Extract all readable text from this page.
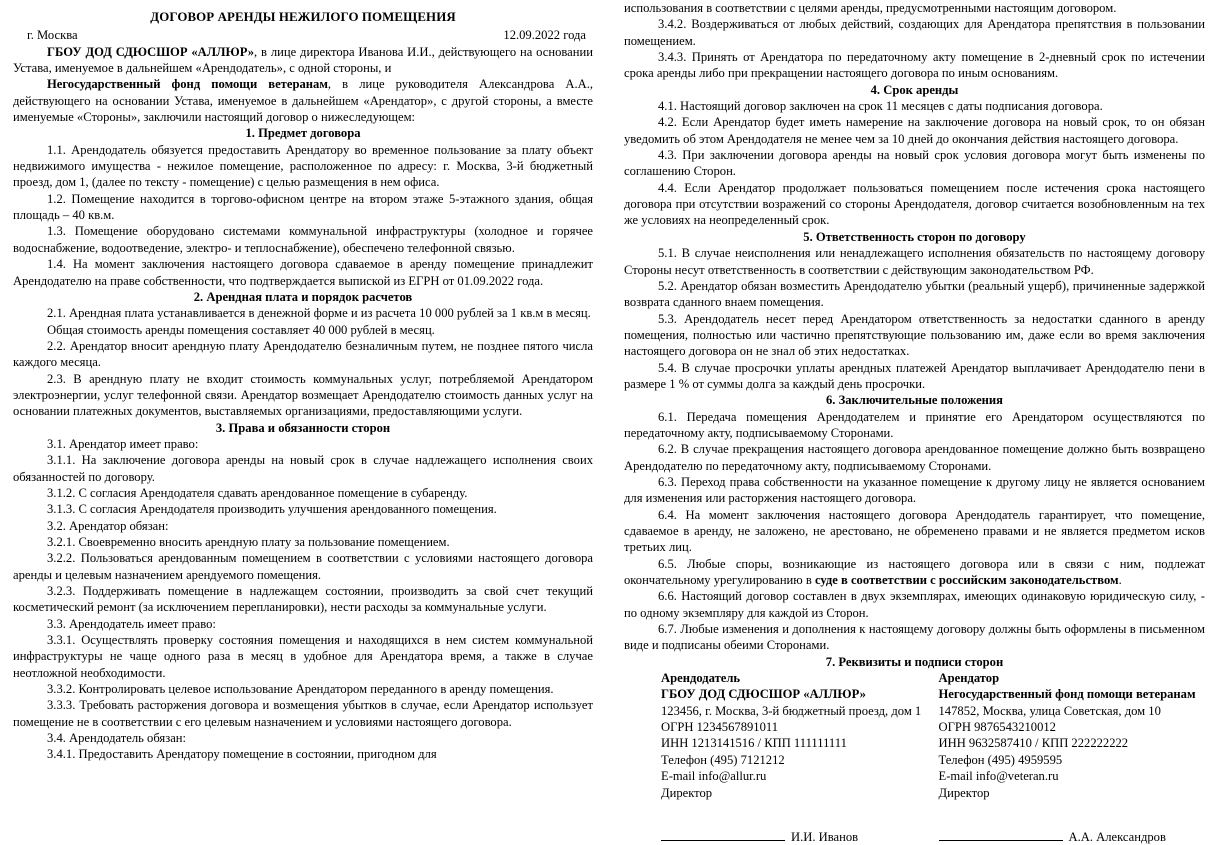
ДОГОВОР АРЕНДЫ НЕЖИЛОГО ПОМЕЩЕНИЯ
г. Москва	12.09.2022 года

ГБОУ ДОД СДЮСШОР «АЛЛЮР», в лице директора Иванова И.И., действующего на основании Устава, именуемое в дальнейшем «Арендодатель», с одной стороны, и

Негосударственный фонд помощи ветеранам, в лице руководителя Александрова А.А., действующего на основании Устава, именуемое в дальнейшем «Арендатор», с другой стороны, а вместе именуемые «Стороны», заключили настоящий договор о нижеследующем:

1. Предмет договора

1.1. Арендодатель обязуется предоставить Арендатору во временное пользование за плату объект недвижимого имущества - нежилое помещение, расположенное по адресу: г. Москва, 3-й бюджетный проезд, дом 1, (далее по тексту - помещение) с целью размещения в нем офиса.

1.2. Помещение находится в торгово-офисном центре на втором этаже 5-этажного здания, общая площадь – 40 кв.м.

1.3. Помещение оборудовано системами коммунальной инфраструктуры (холодное и горячее водоснабжение, водоотведение, электро- и теплоснабжение), обеспечено телефонной связью.

1.4. На момент заключения настоящего договора сдаваемое в аренду помещение принадлежит Арендодателю на праве собственности, что подтверждается выпиской из ЕГРН от 01.09.2022 года.

2. Арендная плата и порядок расчетов

2.1. Арендная плата устанавливается в денежной форме и из расчета 10 000 рублей за 1 кв.м в месяц.

Общая стоимость аренды помещения составляет 40 000 рублей в месяц.

2.2. Арендатор вносит арендную плату Арендодателю безналичным путем, не позднее пятого числа каждого месяца.

2.3. В арендную плату не входит стоимость коммунальных услуг, потребляемой Арендатором электроэнергии, услуг телефонной связи. Арендатор возмещает Арендодателю стоимость данных услуг на основании платежных документов, выставляемых организациями, предоставляющими услуги.

3. Права и обязанности сторон

3.1. Арендатор имеет право:

3.1.1. На заключение договора аренды на новый срок в случае надлежащего исполнения своих обязанностей по договору.

3.1.2. С согласия Арендодателя сдавать арендованное помещение в субаренду.

3.1.3. С согласия Арендодателя производить улучшения арендованного помещения.

3.2. Арендатор обязан:

3.2.1. Своевременно вносить арендную плату за пользование помещением.

3.2.2. Пользоваться арендованным помещением в соответствии с условиями настоящего договора аренды и целевым назначением арендуемого помещения.

3.2.3. Поддерживать помещение в надлежащем состоянии, производить за свой счет текущий косметический ремонт (за исключением перепланировки), нести расходы за коммунальные услуги.

3.3. Арендодатель имеет право:

3.3.1. Осуществлять проверку состояния помещения и находящихся в нем систем коммунальной инфраструктуры не чаще одного раза в месяц в удобное для Арендатора время, а также в случае неотложной необходимости.

3.3.2. Контролировать целевое использование Арендатором переданного в аренду помещения.

3.3.3. Требовать расторжения договора и возмещения убытков в случае, если Арендатор использует помещение не в соответствии с его целевым назначением и условиями настоящего договора.

3.4. Арендодатель обязан:

3.4.1. Предоставить Арендатору помещение в состоянии, пригодном для

использования в соответствии с целями аренды, предусмотренными настоящим договором.

3.4.2. Воздерживаться от любых действий, создающих для Арендатора препятствия в пользовании помещением.

3.4.3. Принять от Арендатора по передаточному акту помещение в 2-дневный срок по истечении срока аренды либо при прекращении настоящего договора по иным основаниям.

4. Срок аренды

4.1. Настоящий договор заключен на срок 11 месяцев с даты подписания договора.

4.2. Если Арендатор будет иметь намерение на заключение договора на новый срок, то он обязан уведомить об этом Арендодателя не менее чем за 10 дней до окончания действия настоящего договора.

4.3. При заключении договора аренды на новый срок условия договора могут быть изменены по соглашению Сторон.

4.4. Если Арендатор продолжает пользоваться помещением после истечения срока настоящего договора при отсутствии возражений со стороны Арендодателя, договор считается возобновленным на тех же условиях на неопределенный срок.

5. Ответственность сторон по договору

5.1. В случае неисполнения или ненадлежащего исполнения обязательств по настоящему договору Стороны несут ответственность в соответствии с действующим законодательством РФ.

5.2. Арендатор обязан возместить Арендодателю убытки (реальный ущерб), причиненные задержкой возврата сданного внаем помещения.

5.3. Арендодатель несет перед Арендатором ответственность за недостатки сданного в аренду помещения, полностью или частично препятствующие пользованию им, даже если во время заключения настоящего договора он не знал об этих недостатках.

5.4. В случае просрочки уплаты арендных платежей Арендатор выплачивает Арендодателю пени в размере 1 % от суммы долга за каждый день просрочки.

6. Заключительные положения

6.1. Передача помещения Арендодателем и принятие его Арендатором осуществляются по передаточному акту, подписываемому Сторонами.

6.2. В случае прекращения настоящего договора арендованное помещение должно быть возвращено Арендодателю по передаточному акту, подписываемому Сторонами.

6.3. Переход права собственности на указанное помещение к другому лицу не является основанием для изменения или расторжения настоящего договора.

6.4. На момент заключения настоящего договора Арендодатель гарантирует, что помещение, сдаваемое в аренду, не заложено, не арестовано, не обременено правами и не является предметом исков третьих лиц.

6.5. Любые споры, возникающие из настоящего договора или в связи с ним, подлежат окончательному урегулированию в суде в соответствии с российским законодательством.

6.6. Настоящий договор составлен в двух экземплярах, имеющих одинаковую юридическую силу, - по одному экземпляру для каждой из Сторон.

6.7. Любые изменения и дополнения к настоящему договору должны быть оформлены в письменном виде и подписаны обеими Сторонами.

7. Реквизиты и подписи сторон
Арендодатель
ГБОУ ДОД СДЮСШОР «АЛЛЮР»
123456, г. Москва, 3-й бюджетный проезд, дом 1
ОГРН 1234567891011
ИНН 1213141516 / КПП 111111111
Телефон (495) 7121212
E-mail info@allur.ru
Директор
Арендатор
Негосударственный фонд помощи ветеранам
147852, Москва, улица Советская, дом 10
ОГРН 9876543210012
ИНН 9632587410 / КПП 222222222
Телефон (495) 4959595
E-mail info@veteran.ru
Директор
И.И. Иванов	А.А. Александров
